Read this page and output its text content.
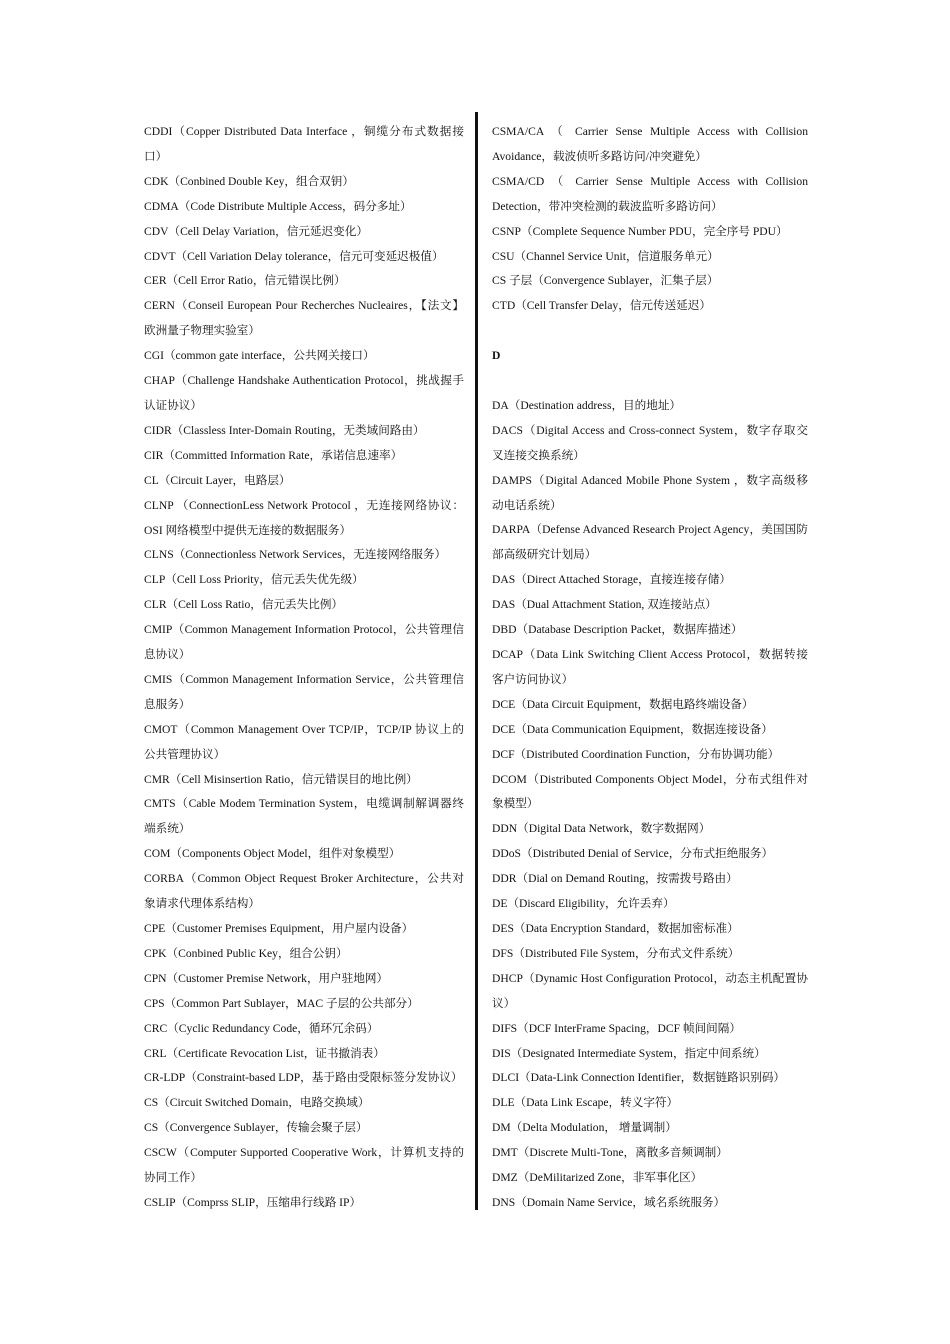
CDDI（Copper Distributed Data Interface ，铜缆分布式数据接口）
CDK（Conbined Double Key，组合双钥）
CDMA（Code Distribute Multiple Access，码分多址）
CDV（Cell Delay Variation，信元延迟变化）
CDVT（Cell Variation Delay tolerance，信元可变延迟极值）
CER（Cell Error Ratio，信元错误比例）
CERN（Conseil European Pour Recherches Nucleaires，【法文】欧洲量子物理实验室）
CGI（common gate interface，公共网关接口）
CHAP（Challenge Handshake Authentication Protocol，挑战握手认证协议）
CIDR（Classless Inter-Domain Routing，无类域间路由）
CIR（Committed Information Rate，承诺信息速率）
CL（Circuit Layer，电路层）
CLNP （ConnectionLess Network Protocol ，无连接网络协议：OSI 网络模型中提供无连接的数据服务）
CLNS（Connectionless Network Services，无连接网络服务）
CLP（Cell Loss Priority，信元丢失优先级）
CLR（Cell Loss Ratio，信元丢失比例）
CMIP（Common Management Information Protocol，公共管理信息协议）
CMIS（Common Management Information Service，公共管理信息服务）
CMOT（Common Management Over TCP/IP，TCP/IP 协议上的公共管理协议）
CMR（Cell Misinsertion Ratio，信元错误目的地比例）
CMTS（Cable Modem Termination System，电缆调制解调器终端系统）
COM（Components Object Model，组件对象模型）
CORBA（Common Object Request Broker Architecture，公共对象请求代理体系结构）
CPE（Customer Premises Equipment，用户屋内设备）
CPK（Conbined Public Key，组合公钥）
CPN（Customer Premise Network，用户驻地网）
CPS（Common Part Sublayer，MAC 子层的公共部分）
CRC（Cyclic Redundancy Code，循环冗余码）
CRL（Certificate Revocation List，证书撤消表）
CR-LDP（Constraint-based LDP，基于路由受限标签分发协议）
CS（Circuit Switched Domain，电路交换域）
CS（Convergence Sublayer，传输会聚子层）
CSCW（Computer Supported Cooperative Work，计算机支持的协同工作）
CSLIP（Comprss SLIP，压缩串行线路 IP）
CSMA/CA （ Carrier Sense Multiple Access with Collision Avoidance，载波侦听多路访问/冲突避免）
CSMA/CD （ Carrier Sense Multiple Access with Collision Detection，带冲突检测的载波监听多路访问）
CSNP（Complete Sequence Number PDU，完全序号 PDU）
CSU（Channel Service Unit，信道服务单元）
CS 子层（Convergence Sublayer，汇集子层）
CTD（Cell Transfer Delay，信元传送延迟）
D
DA（Destination address，目的地址）
DACS（Digital Access and Cross-connect System，数字存取交叉连接交换系统）
DAMPS（Digital Adanced Mobile Phone System ，数字高级移动电话系统）
DARPA（Defense Advanced Research Project Agency，美国国防部高级研究计划局）
DAS（Direct Attached Storage，直接连接存储）
DAS（Dual Attachment Station, 双连接站点）
DBD（Database Description Packet，数据库描述）
DCAP（Data Link Switching Client Access Protocol，数据转接客户访问协议）
DCE（Data Circuit Equipment，数据电路终端设备）
DCE（Data Communication Equipment，数据连接设备）
DCF（Distributed Coordination Function，分布协调功能）
DCOM（Distributed Components Object Model，分布式组件对象模型）
DDN（Digital Data Network，数字数据网）
DDoS（Distributed Denial of Service，分布式拒绝服务）
DDR（Dial on Demand Routing，按需拨号路由）
DE（Discard Eligibility，允许丢弃）
DES（Data Encryption Standard，数据加密标准）
DFS（Distributed File System，分布式文件系统）
DHCP（Dynamic Host Configuration Protocol，动态主机配置协议）
DIFS（DCF InterFrame Spacing，DCF 帧间间隔）
DIS（Designated Intermediate System，指定中间系统）
DLCI（Data-Link Connection Identifier，数据链路识别码）
DLE（Data Link Escape，转义字符）
DM（Delta Modulation， 增量调制）
DMT（Discrete Multi-Tone，离散多音频调制）
DMZ（DeMilitarized Zone，非军事化区）
DNS（Domain Name Service，域名系统服务）
